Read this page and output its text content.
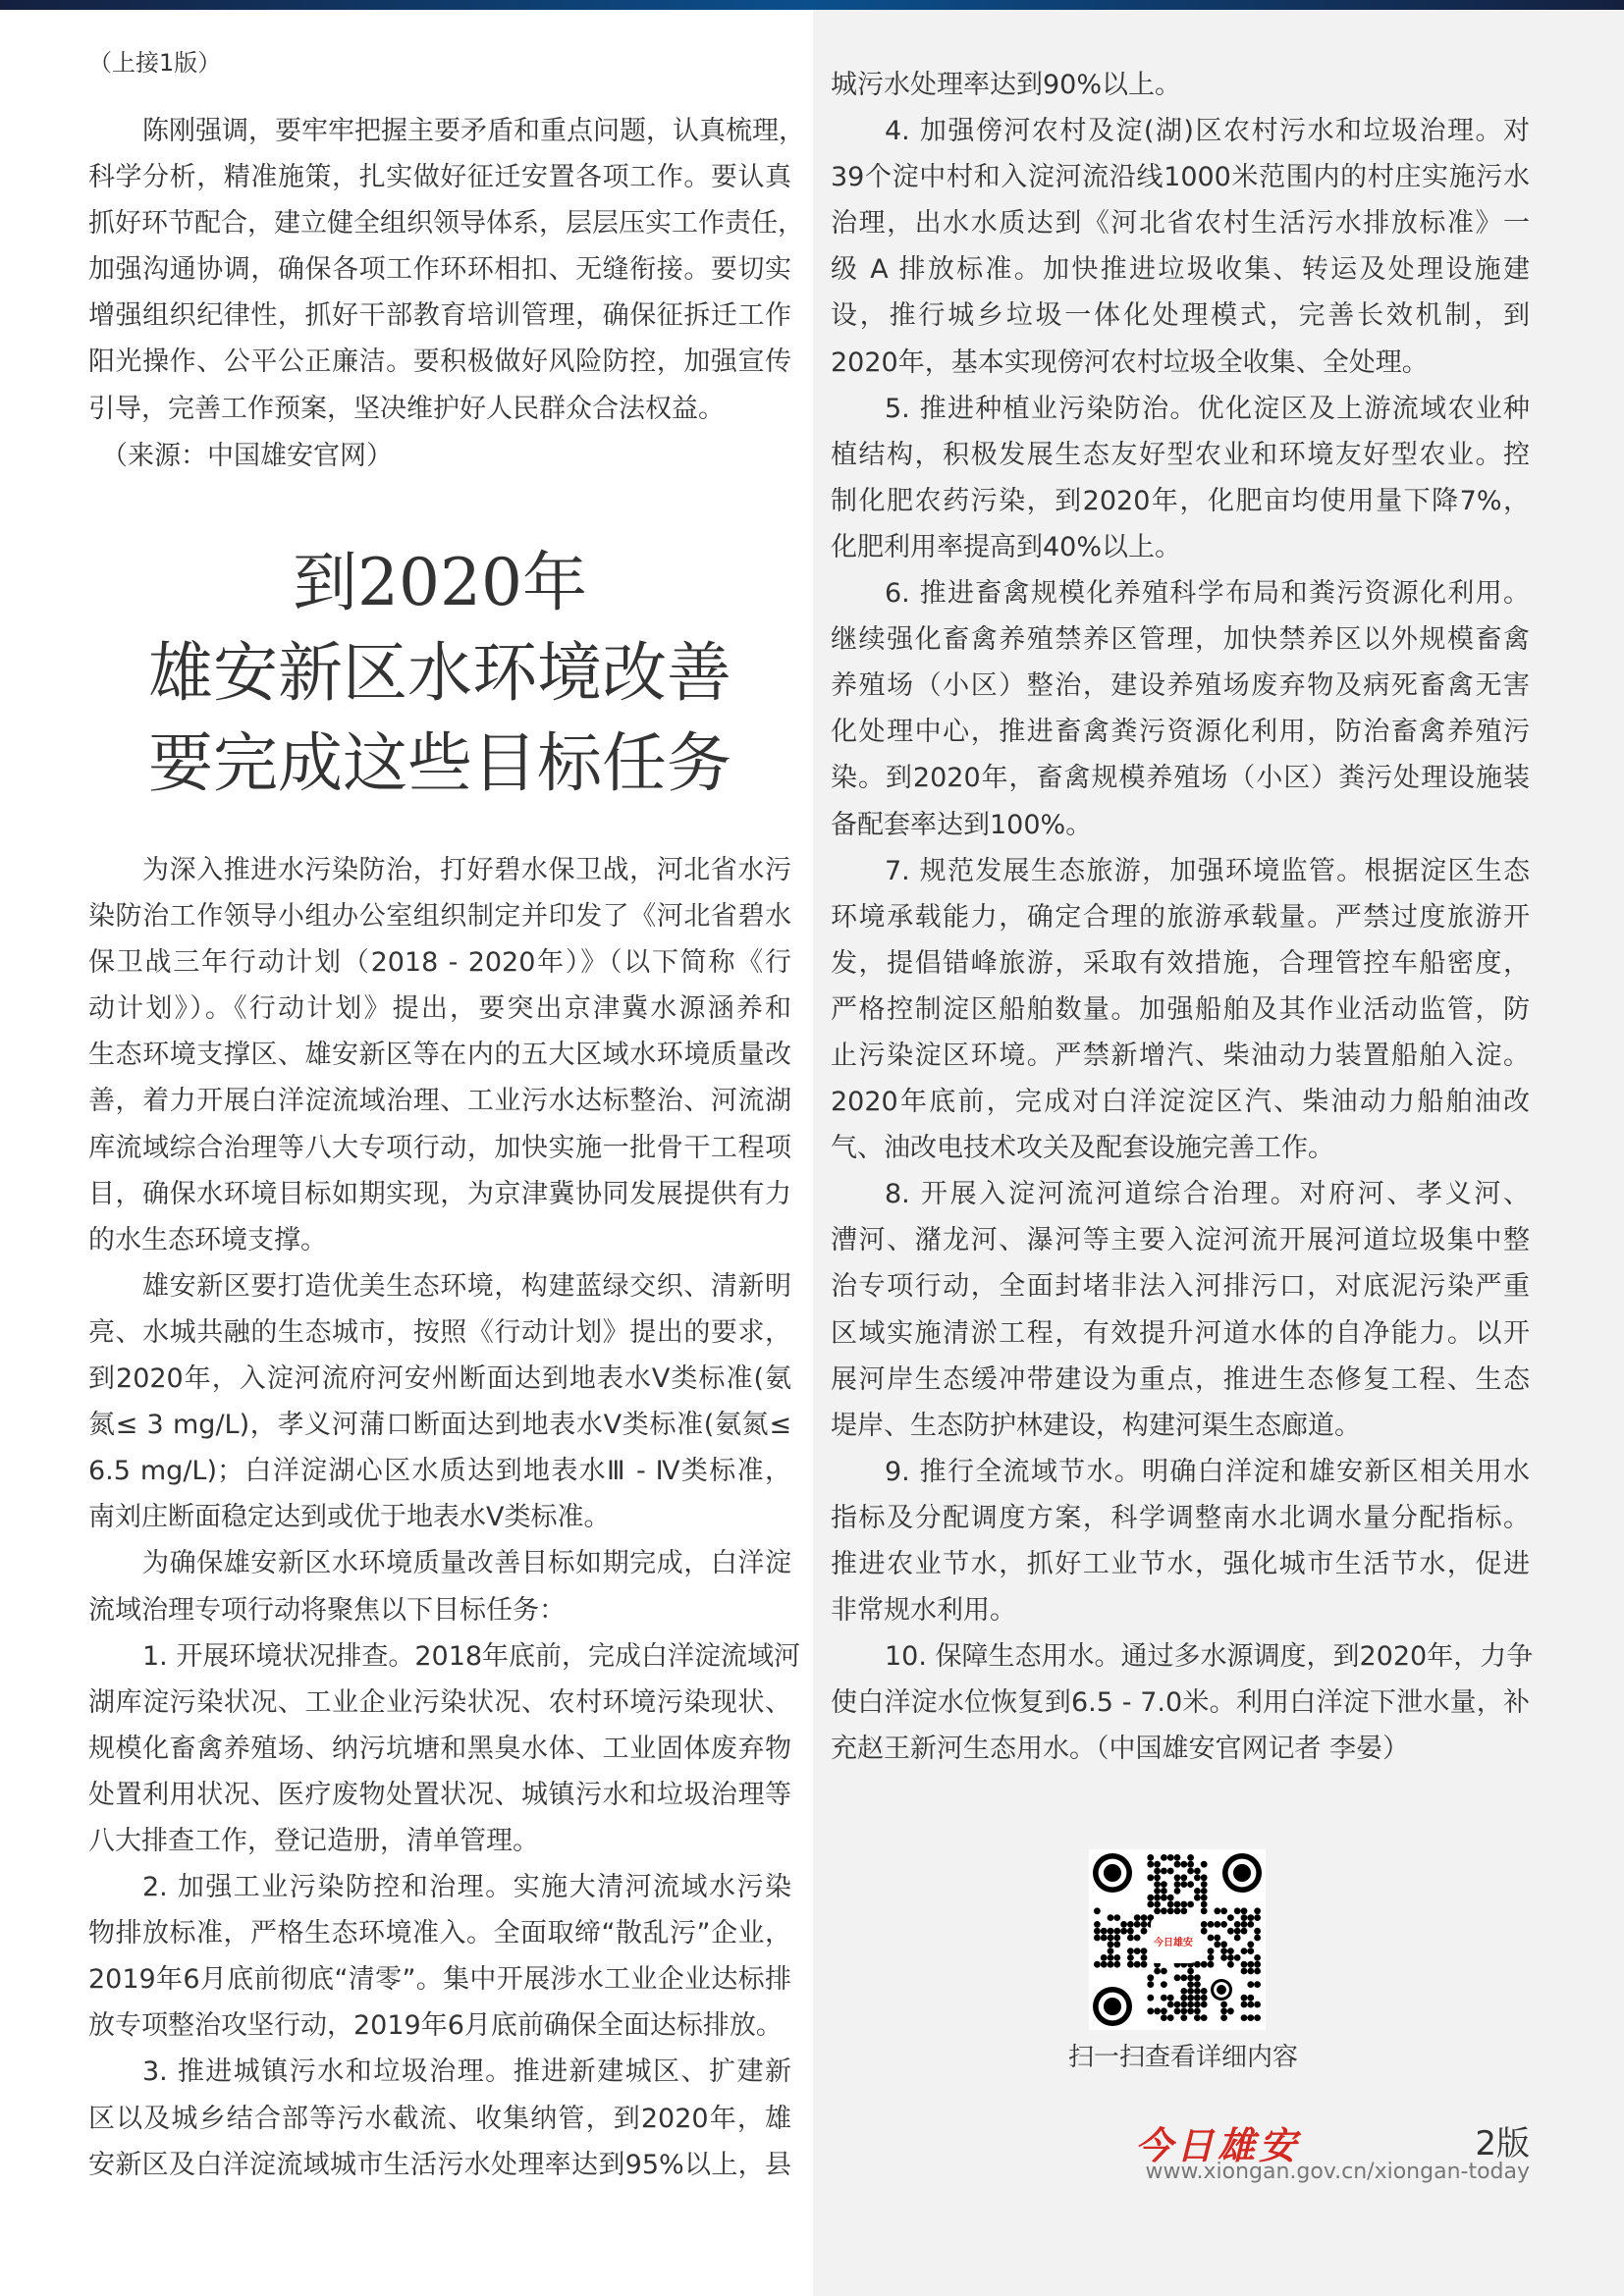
（上接1版）
陈刚强调，要牢牢把握主要矛盾和重点问题，认真梳理，
科学分析，精准施策，扎实做好征迁安置各项工作。要认真
抓好环节配合，建立健全组织领导体系，层层压实工作责任，
加强沟通协调，确保各项工作环环相扣、无缝衔接。要切实
增强组织纪律性，抓好干部教育培训管理，确保征拆迁工作
阳光操作、公平公正廉洁。要积极做好风险防控，加强宣传
引导，完善工作预案，坚决维护好人民群众合法权益。
（来源：中国雄安官网）
到2020年
雄安新区水环境改善
要完成这些目标任务
为深入推进水污染防治，打好碧水保卫战，河北省水污
染防治工作领导小组办公室组织制定并印发了《河北省碧水
保卫战三年行动计划（2018 - 2020年）》（以下简称《行
动计划》）。《行动计划》提出，要突出京津冀水源涵养和
生态环境支撑区、雄安新区等在内的五大区域水环境质量改
善，着力开展白洋淀流域治理、工业污水达标整治、河流湖
库流域综合治理等八大专项行动，加快实施一批骨干工程项
目，确保水环境目标如期实现，为京津冀协同发展提供有力
的水生态环境支撑。
雄安新区要打造优美生态环境，构建蓝绿交织、清新明
亮、水城共融的生态城市，按照《行动计划》提出的要求，
到2020年，入淀河流府河安州断面达到地表水Ⅴ类标准(氨
氮≤ 3 mg/L)，孝义河蒲口断面达到地表水Ⅴ类标准(氨氮≤
6.5 mg/L)；白洋淀湖心区水质达到地表水Ⅲ - Ⅳ类标准，
南刘庄断面稳定达到或优于地表水Ⅴ类标准。
为确保雄安新区水环境质量改善目标如期完成，白洋淀
流域治理专项行动将聚焦以下目标任务：
1. 开展环境状况排查。2018年底前，完成白洋淀流域河
湖库淀污染状况、工业企业污染状况、农村环境污染现状、
规模化畜禽养殖场、纳污坑塘和黑臭水体、工业固体废弃物
处置利用状况、医疗废物处置状况、城镇污水和垃圾治理等
八大排查工作，登记造册，清单管理。
2. 加强工业污染防控和治理。实施大清河流域水污染
物排放标准，严格生态环境准入。全面取缔“散乱污”企业，
2019年6月底前彻底“清零”。集中开展涉水工业企业达标排
放专项整治攻坚行动，2019年6月底前确保全面达标排放。
3. 推进城镇污水和垃圾治理。推进新建城区、扩建新
区以及城乡结合部等污水截流、收集纳管，到2020年，雄
安新区及白洋淀流域城市生活污水处理率达到95%以上，县
城污水处理率达到90%以上。
4. 加强傍河农村及淀(湖)区农村污水和垃圾治理。对
39个淀中村和入淀河流沿线1000米范围内的村庄实施污水
治理，出水水质达到《河北省农村生活污水排放标准》一
级 A 排放标准。加快推进垃圾收集、转运及处理设施建
设，推行城乡垃圾一体化处理模式，完善长效机制，到
2020年，基本实现傍河农村垃圾全收集、全处理。
5. 推进种植业污染防治。优化淀区及上游流域农业种
植结构，积极发展生态友好型农业和环境友好型农业。控
制化肥农药污染，到2020年，化肥亩均使用量下降7%，
化肥利用率提高到40%以上。
6. 推进畜禽规模化养殖科学布局和粪污资源化利用。
继续强化畜禽养殖禁养区管理，加快禁养区以外规模畜禽
养殖场（小区）整治，建设养殖场废弃物及病死畜禽无害
化处理中心，推进畜禽粪污资源化利用，防治畜禽养殖污
染。到2020年，畜禽规模养殖场（小区）粪污处理设施装
备配套率达到100%。
7. 规范发展生态旅游，加强环境监管。根据淀区生态
环境承载能力，确定合理的旅游承载量。严禁过度旅游开
发，提倡错峰旅游，采取有效措施，合理管控车船密度，
严格控制淀区船舶数量。加强船舶及其作业活动监管，防
止污染淀区环境。严禁新增汽、柴油动力装置船舶入淀。
2020年底前，完成对白洋淀淀区汽、柴油动力船舶油改
气、油改电技术攻关及配套设施完善工作。
8. 开展入淀河流河道综合治理。对府河、孝义河、
漕河、潴龙河、瀑河等主要入淀河流开展河道垃圾集中整
治专项行动，全面封堵非法入河排污口，对底泥污染严重
区域实施清淤工程，有效提升河道水体的自净能力。以开
展河岸生态缓冲带建设为重点，推进生态修复工程、生态
堤岸、生态防护林建设，构建河渠生态廊道。
9. 推行全流域节水。明确白洋淀和雄安新区相关用水
指标及分配调度方案，科学调整南水北调水量分配指标。
推进农业节水，抓好工业节水，强化城市生活节水，促进
非常规水利用。
10. 保障生态用水。通过多水源调度，到2020年，力争
使白洋淀水位恢复到6.5 - 7.0米。利用白洋淀下泄水量，补
充赵王新河生态用水。（中国雄安官网记者 李晏）
今日雄安
扫一扫查看详细内容
今日雄安	2版
www.xiongan.gov.cn/xiongan-today
